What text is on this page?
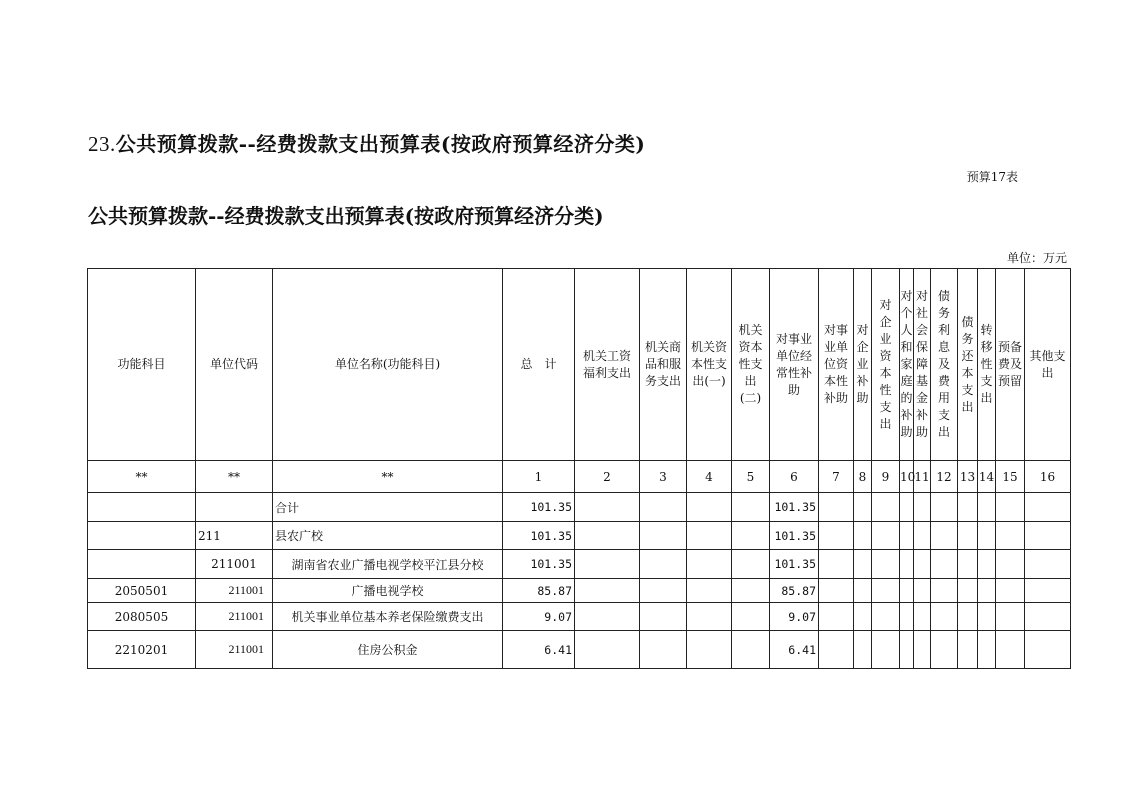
23.公共预算拨款--经费拨款支出预算表(按政府预算经济分类)
预算17表
公共预算拨款--经费拨款支出预算表(按政府预算经济分类)
单位：万元
功能科目	单位代码	单位名称(功能科目)	总　计	机关工资福利支出	机关商品和服务支出	机关资本性支出(一)	机关资本性支出(二)	对事业单位经常性补助	对事业单位资本性补助	对企业补助	对企业资本性支出	对个人和家庭的补助	对社会保障基金补助	债务利息及费用支出	债务还本支出	转移性支出	预备费及预留	其他支出
**	**	**	1	2	3	4	5	6	7	8	9	10	11	12	13	14	15	16
		合计	101.35					101.35										
	211	县农广校	101.35					101.35										
	211001	湖南省农业广播电视学校平江县分校	101.35					101.35										
2050501	211001	广播电视学校	85.87					85.87										
2080505	211001	机关事业单位基本养老保险缴费支出	9.07					9.07										
2210201	211001	住房公积金	6.41					6.41										
